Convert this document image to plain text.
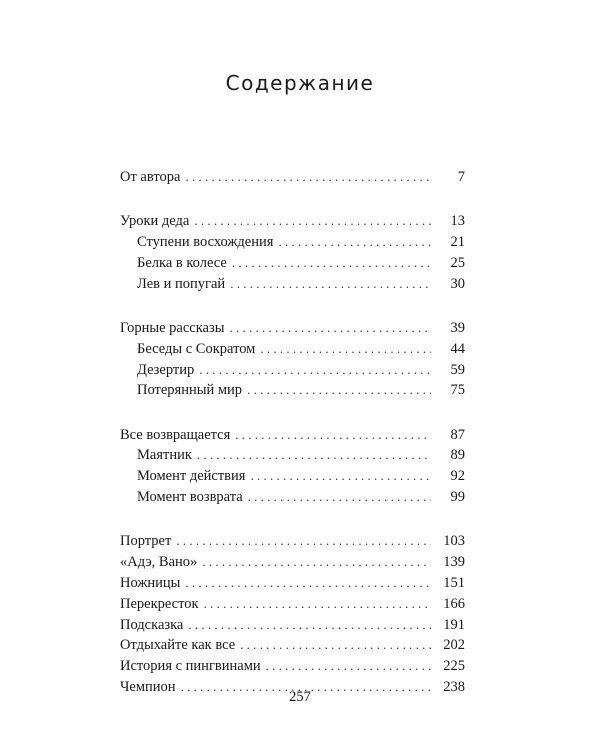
Содержание
От автора . . .	7
Уроки деда . . .	13
Ступени восхождения . . .	21
Белка в колесе . . .	25
Лев и попугай . . .	30
Горные рассказы . . .	39
Беседы с Сократом . . .	44
Дезертир . . .	59
Потерянный мир . . .	75
Все возвращается . . .	87
Маятник . . .	89
Момент действия . . .	92
Момент возврата . . .	99
Портрет . . .	103
«Адэ, Вано» . . .	139
Ножницы . . .	151
Перекресток . . .	166
Подсказка . . .	191
Отдыхайте как все . . .	202
История с пингвинами . . .	225
Чемпион . . .	238
257
